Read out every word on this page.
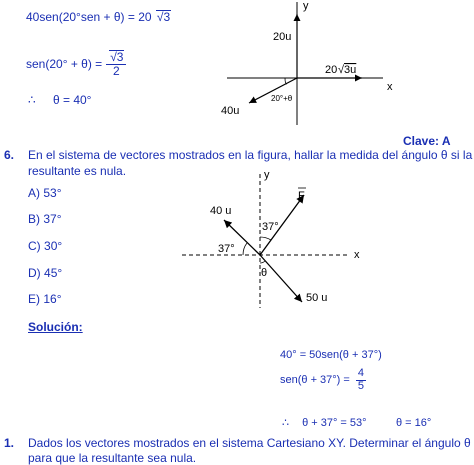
40sen(20°sen + θ) = 20 √3
$sen(20^\circ + \theta) = \frac{√3}{2}$
∴ θ = 40°
y
x
20u
20 √3u
40u
20°+θ
Clave: A
6. En el sistema de vectores mostrados en la figura, hallar la medida del ángulo θ si la
resultante es nula.
A) 53°
B) 37°
C) 30°
D) 45°
E) 16°
y
x
40 u
F
37°
37°
θ
50 u
Solución:
40° = 50sen(θ + 37°)
$sen(\theta + 37^\circ) = \frac{4}{5}$
∴ θ + 37° = 53°	θ = 16°
1. Dados los vectores mostrados en el sistema Cartesiano XY. Determinar el ángulo θ
para que la resultante sea nula.
